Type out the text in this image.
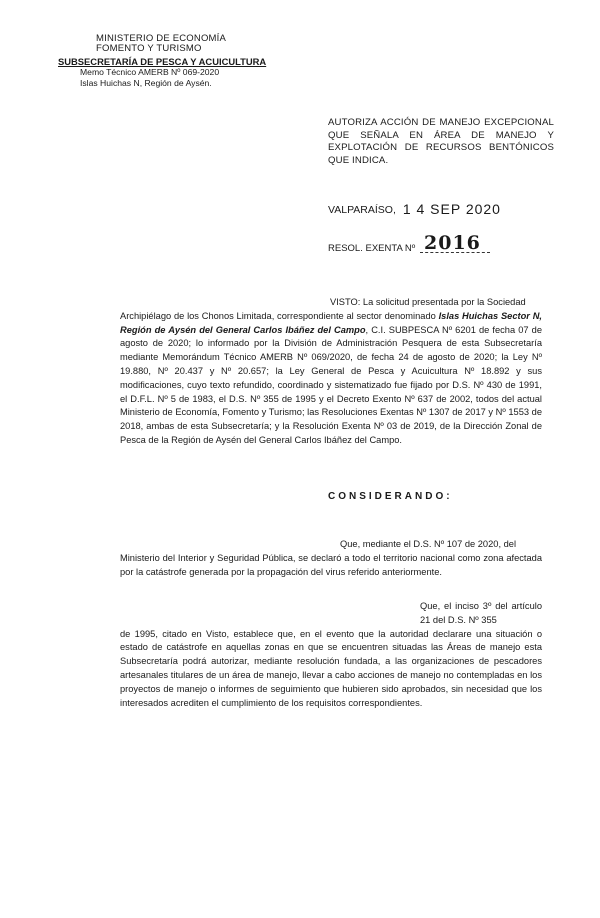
MINISTERIO DE ECONOMÍA
FOMENTO Y TURISMO
SUBSECRETARÍA DE PESCA Y ACUICULTURA
Memo Técnico AMERB Nº 069-2020
Islas Huichas N, Región de Aysén.
AUTORIZA ACCIÓN DE MANEJO EXCEPCIONAL QUE SEÑALA EN ÁREA DE MANEJO Y EXPLOTACIÓN DE RECURSOS BENTÓNICOS QUE INDICA.
VALPARAÍSO, 1 4 SEP 2020
RESOL. EXENTA Nº 2016
VISTO: La solicitud presentada por la Sociedad
Archipiélago de los Chonos Limitada, correspondiente al sector denominado Islas Huichas Sector N, Región de Aysén del General Carlos Ibáñez del Campo, C.I. SUBPESCA Nº 6201 de fecha 07 de agosto de 2020; lo informado por la División de Administración Pesquera de esta Subsecretaría mediante Memorándum Técnico AMERB Nº 069/2020, de fecha 24 de agosto de 2020; la Ley Nº 19.880, Nº 20.437 y Nº 20.657; la Ley General de Pesca y Acuicultura Nº 18.892 y sus modificaciones, cuyo texto refundido, coordinado y sistematizado fue fijado por D.S. Nº 430 de 1991, el D.F.L. Nº 5 de 1983, el D.S. Nº 355 de 1995 y el Decreto Exento Nº 637 de 2002, todos del actual Ministerio de Economía, Fomento y Turismo; las Resoluciones Exentas Nº 1307 de 2017 y Nº 1553 de 2018, ambas de esta Subsecretaría; y la Resolución Exenta Nº 03 de 2019, de la Dirección Zonal de Pesca de la Región de Aysén del General Carlos Ibáñez del Campo.
CONSIDERANDO:
Que, mediante el D.S. Nº 107 de 2020, del
Ministerio del Interior y Seguridad Pública, se declaró a todo el territorio nacional como zona afectada por la catástrofe generada por la propagación del virus referido anteriormente.
Que, el inciso 3º del artículo 21 del D.S. Nº 355
de 1995, citado en Visto, establece que, en el evento que la autoridad declarare una situación o estado de catástrofe en aquellas zonas en que se encuentren situadas las Áreas de manejo esta Subsecretaría podrá autorizar, mediante resolución fundada, a las organizaciones de pescadores artesanales titulares de un área de manejo, llevar a cabo acciones de manejo no contempladas en los proyectos de manejo o informes de seguimiento que hubieren sido aprobados, sin necesidad que los interesados acrediten el cumplimiento de los requisitos correspondientes.
